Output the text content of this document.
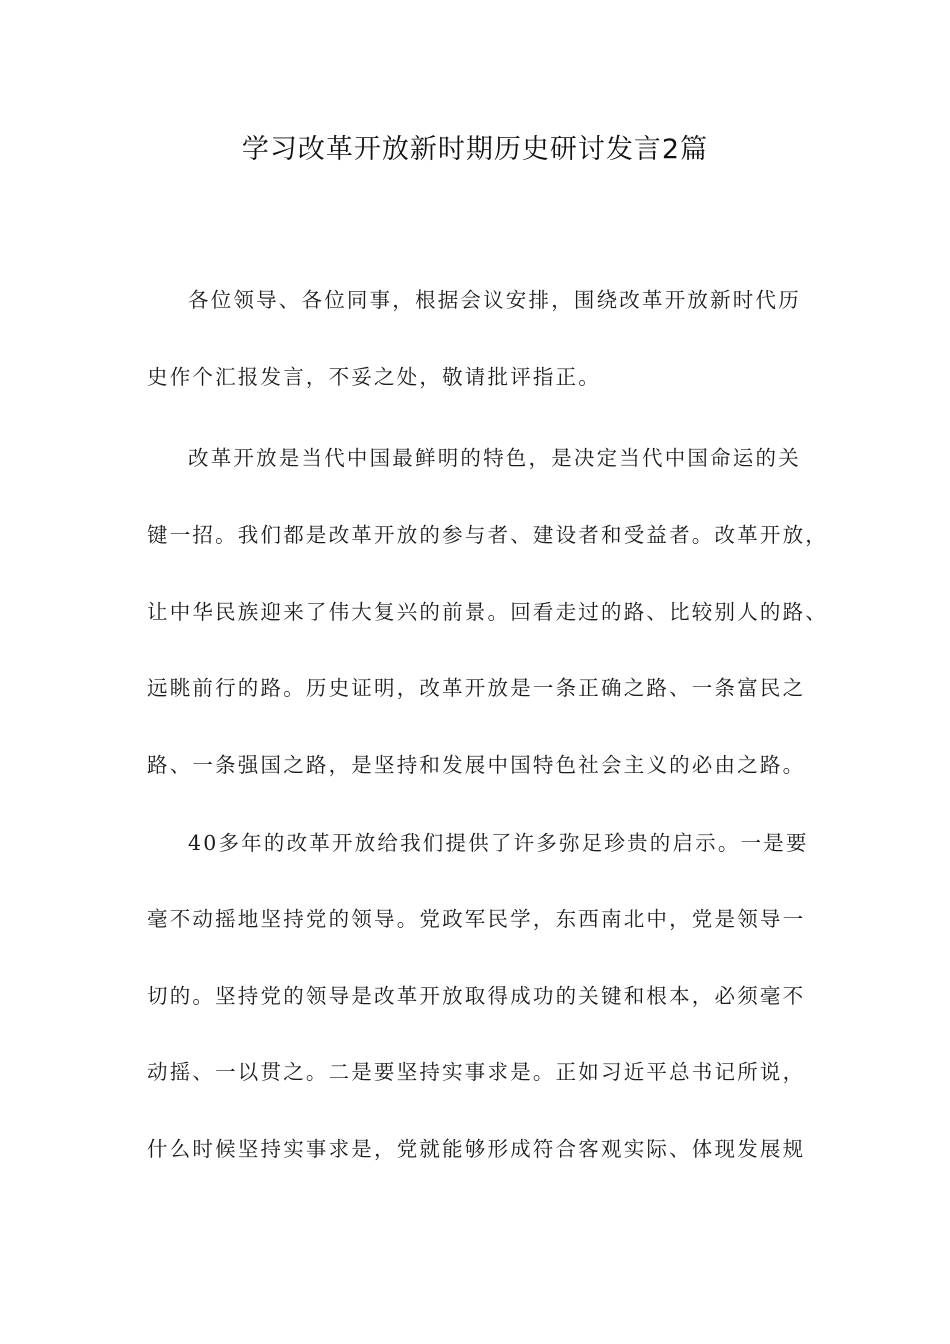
学习改革开放新时期历史研讨发言2篇
各位领导、各位同事，根据会议安排，围绕改革开放新时代历
史作个汇报发言，不妥之处，敬请批评指正。
改革开放是当代中国最鲜明的特色，是决定当代中国命运的关
键一招。我们都是改革开放的参与者、建设者和受益者。改革开放，
让中华民族迎来了伟大复兴的前景。回看走过的路、比较别人的路、
远眺前行的路。历史证明，改革开放是一条正确之路、一条富民之
路、一条强国之路，是坚持和发展中国特色社会主义的必由之路。
40多年的改革开放给我们提供了许多弥足珍贵的启示。一是要
毫不动摇地坚持党的领导。党政军民学，东西南北中，党是领导一
切的。坚持党的领导是改革开放取得成功的关键和根本，必须毫不
动摇、一以贯之。二是要坚持实事求是。正如习近平总书记所说，
什么时候坚持实事求是，党就能够形成符合客观实际、体现发展规
